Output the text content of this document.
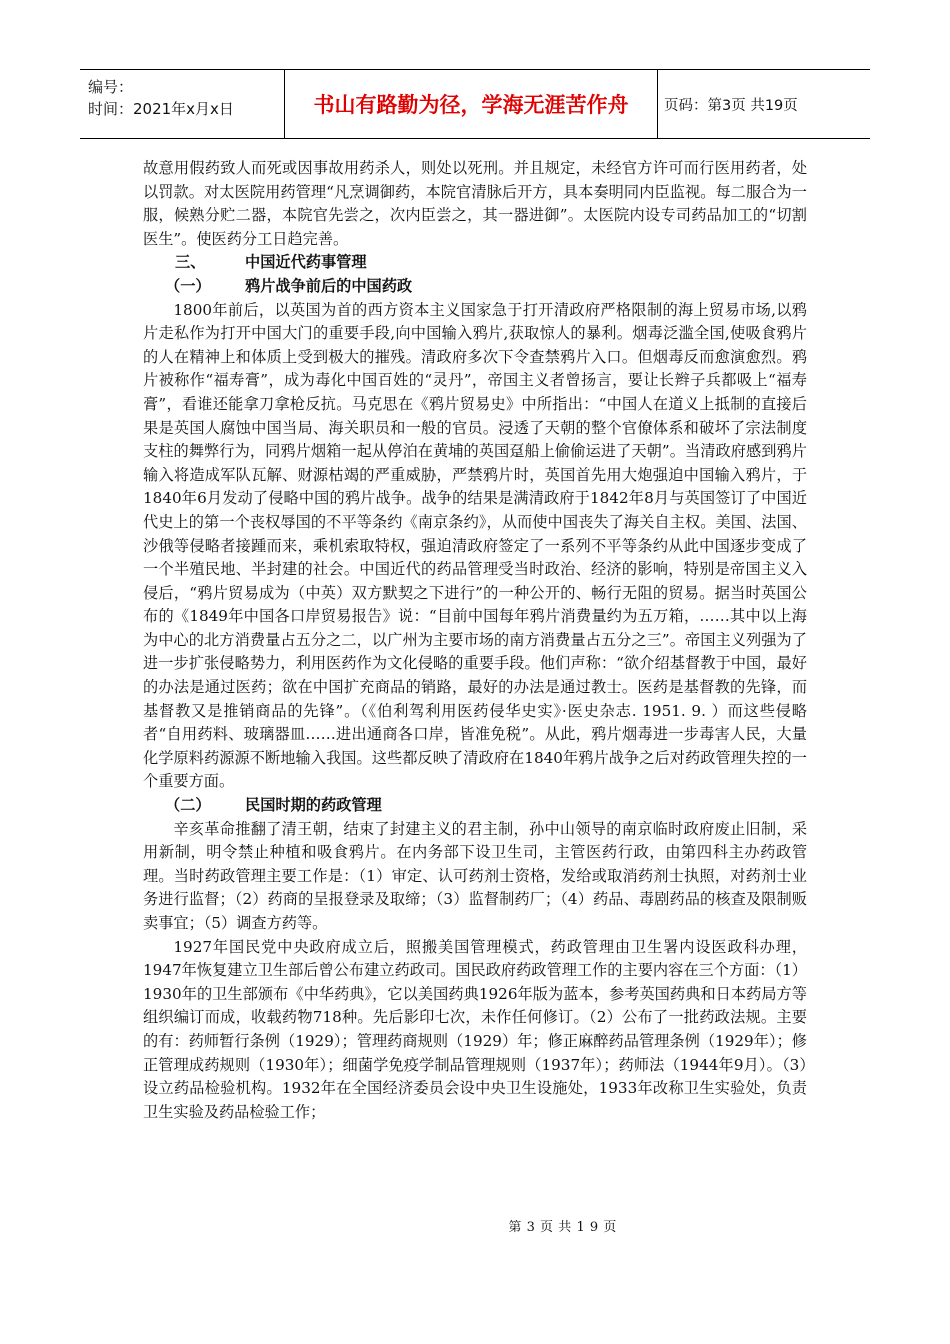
编号：
时间：2021年x月x日	书山有路勤为径，学海无涯苦作舟	页码：第3页 共19页

故意用假药致人而死或因事故用药杀人，则处以死刑。并且规定，未经官方许可而行医用药者，处以罚款。对太医院用药管理“凡烹调御药，本院官清脉后开方，具本奏明同内臣监视。每二服合为一服，候熟分贮二器，本院官先尝之，次内臣尝之，其一器进御”。太医院内设专司药品加工的“切割医生”。使医药分工日趋完善。

三、	中国近代药事管理
（一） 鸦片战争前后的中国药政

1800年前后，以英国为首的西方资本主义国家急于打开清政府严格限制的海上贸易市场,以鸦片走私作为打开中国大门的重要手段,向中国输入鸦片,获取惊人的暴利。烟毒泛滥全国,使吸食鸦片的人在精神上和体质上受到极大的摧残。清政府多次下令查禁鸦片入口。但烟毒反而愈演愈烈。鸦片被称作“福寿膏”，成为毒化中国百姓的“灵丹”，帝国主义者曾扬言，要让长辫子兵都吸上“福寿膏”，看谁还能拿刀拿枪反抗。马克思在《鸦片贸易史》中所指出：“中国人在道义上抵制的直接后果是英国人腐蚀中国当局、海关职员和一般的官员。浸透了天朝的整个官僚体系和破坏了宗法制度支柱的舞弊行为，同鸦片烟箱一起从停泊在黄埔的英国趸船上偷偷运进了天朝”。当清政府感到鸦片输入将造成军队瓦解、财源枯竭的严重威胁，严禁鸦片时，英国首先用大炮强迫中国输入鸦片，于 1840年6月发动了侵略中国的鸦片战争。战争的结果是满清政府于1842年8月与英国签订了中国近代史上的第一个丧权辱国的不平等条约《南京条约》，从而使中国丧失了海关自主权。美国、法国、沙俄等侵略者接踵而来，乘机索取特权，强迫清政府签定了一系列不平等条约从此中国逐步变成了一个半殖民地、半封建的社会。中国近代的药品管理受当时政治、经济的影响，特别是帝国主义入侵后，“鸦片贸易成为（中英）双方默契之下进行”的一种公开的、畅行无阻的贸易。据当时英国公布的《1849年中国各口岸贸易报告》说：“目前中国每年鸦片消费量约为五万箱，……其中以上海为中心的北方消费量占五分之二，以广州为主要市场的南方消费量占五分之三”。帝国主义列强为了进一步扩张侵略势力，利用医药作为文化侵略的重要手段。他们声称：“欲介绍基督教于中国，最好的办法是通过医药；欲在中国扩充商品的销路，最好的办法是通过教士。医药是基督教的先锋，而基督教又是推销商品的先锋”。（《伯利驾利用医药侵华史实》·医史杂志. 1951. 9. ）而这些侵略者“自用药料、玻璃器皿……进出通商各口岸，皆准免税”。从此，鸦片烟毒进一步毒害人民，大量化学原料药源源不断地输入我国。这些都反映了清政府在1840年鸦片战争之后对药政管理失控的一个重要方面。

（二） 民国时期的药政管理

辛亥革命推翻了清王朝，结束了封建主义的君主制，孙中山领导的南京临时政府废止旧制，采用新制，明令禁止种植和吸食鸦片。在内务部下设卫生司，主管医药行政，由第四科主办药政管理。当时药政管理主要工作是：（1）审定、认可药剂士资格，发给或取消药剂士执照，对药剂士业务进行监督；（2）药商的呈报登录及取缔；（3）监督制药厂；（4）药品、毒剧药品的核查及限制贩卖事宜；（5）调查方药等。

1927年国民党中央政府成立后，照搬美国管理模式，药政管理由卫生署内设医政科办理，1947年恢复建立卫生部后曾公布建立药政司。国民政府药政管理工作的主要内容在三个方面：（1）1930年的卫生部颁布《中华药典》，它以美国药典1926年版为蓝本，参考英国药典和日本药局方等组织编订而成，收载药物718种。先后影印七次，未作任何修订。（2）公布了一批药政法规。主要的有：药师暂行条例（1929）；管理药商规则（1929）年；修正麻醉药品管理条例（1929年）；修正管理成药规则（1930年）；细菌学免疫学制品管理规则（1937年）；药师法（1944年9月）。（3）设立药品检验机构。1932年在全国经济委员会设中央卫生设施处，1933年改称卫生实验处，负责卫生实验及药品检验工作；

第3页共19页
